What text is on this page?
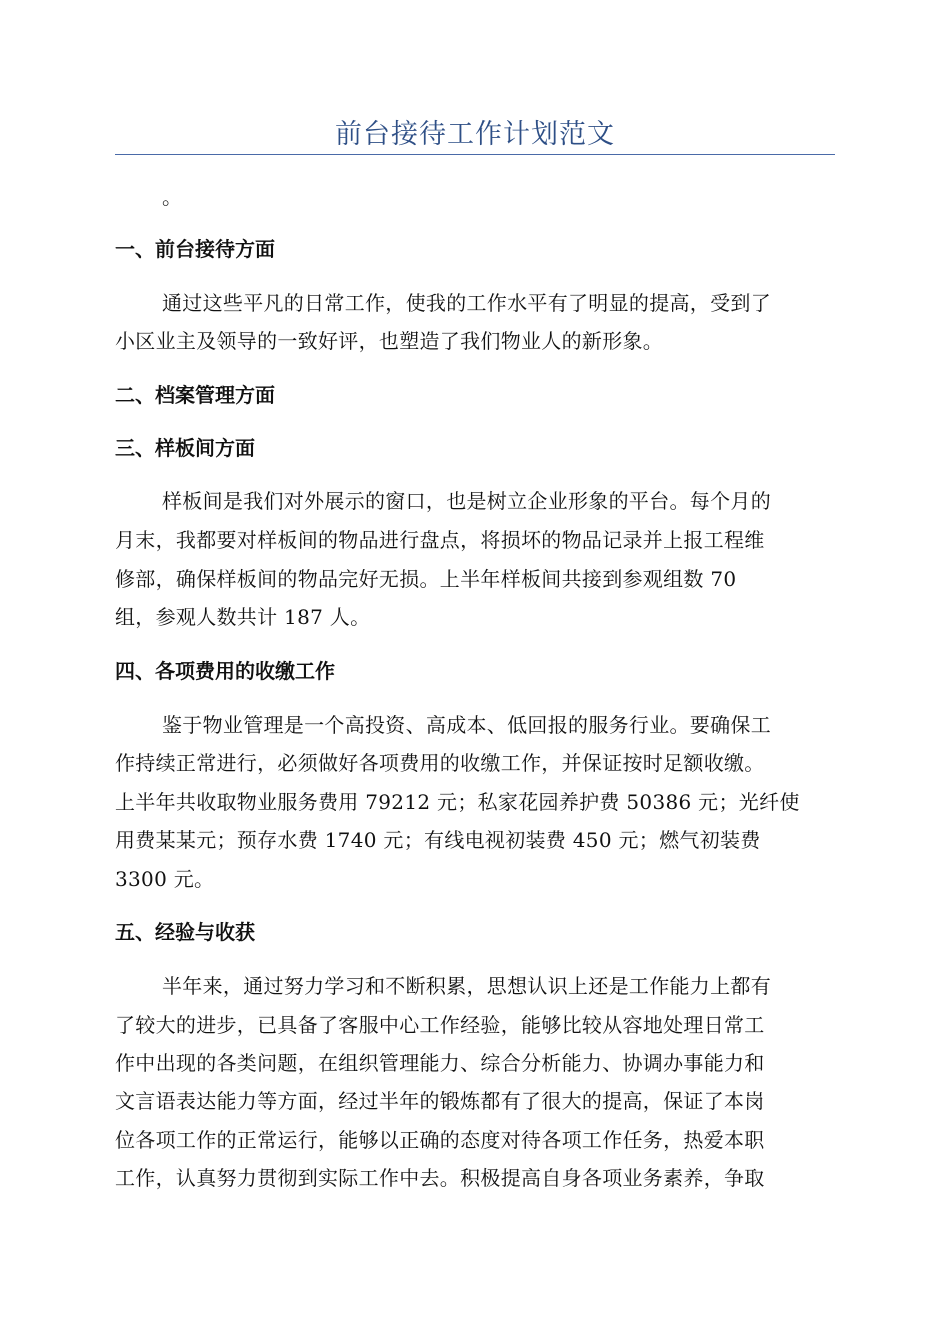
前台接待工作计划范文
。
一、前台接待方面
通过这些平凡的日常工作，使我的工作水平有了明显的提高，受到了
小区业主及领导的一致好评，也塑造了我们物业人的新形象。
二、档案管理方面
三、样板间方面
样板间是我们对外展示的窗口，也是树立企业形象的平台。每个月的
月末，我都要对样板间的物品进行盘点，将损坏的物品记录并上报工程维
修部，确保样板间的物品完好无损。上半年样板间共接到参观组数 70
组，参观人数共计 187 人。
四、各项费用的收缴工作
鉴于物业管理是一个高投资、高成本、低回报的服务行业。要确保工
作持续正常进行，必须做好各项费用的收缴工作，并保证按时足额收缴。
上半年共收取物业服务费用 79212 元；私家花园养护费 50386 元；光纤使
用费某某元；预存水费 1740 元；有线电视初装费 450 元；燃气初装费
3300 元。
五、经验与收获
半年来，通过努力学习和不断积累，思想认识上还是工作能力上都有
了较大的进步，已具备了客服中心工作经验，能够比较从容地处理日常工
作中出现的各类问题，在组织管理能力、综合分析能力、协调办事能力和
文言语表达能力等方面，经过半年的锻炼都有了很大的提高，保证了本岗
位各项工作的正常运行，能够以正确的态度对待各项工作任务，热爱本职
工作，认真努力贯彻到实际工作中去。积极提高自身各项业务素养，争取
